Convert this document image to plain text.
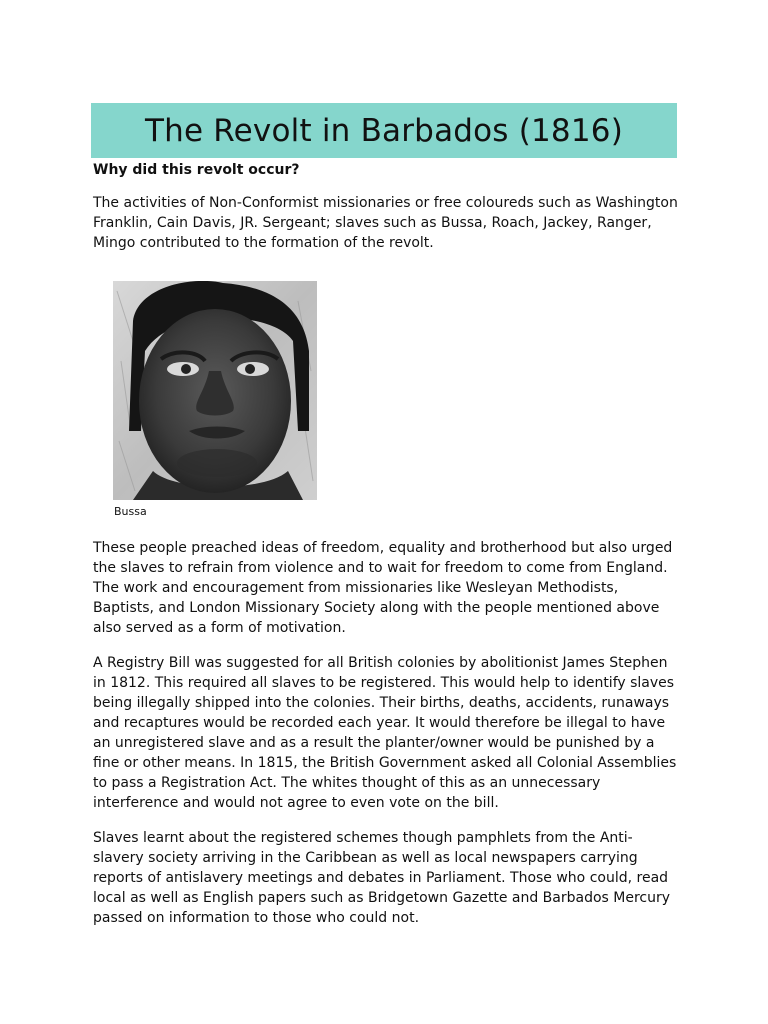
The Revolt in Barbados (1816)
Why did this revolt occur?

The activities of Non-Conformist missionaries or free coloureds such as Washington Franklin, Cain Davis, JR. Sergeant; slaves such as Bussa, Roach, Jackey, Ranger, Mingo contributed to the formation of the revolt.

Bussa

These people preached ideas of freedom, equality and brotherhood but also urged the slaves to refrain from violence and to wait for freedom to come from England. The work and encouragement from missionaries like Wesleyan Methodists, Baptists, and London Missionary Society along with the people mentioned above also served as a form of motivation.

A Registry Bill was suggested for all British colonies by abolitionist James Stephen in 1812. This required all slaves to be registered. This would help to identify slaves being illegally shipped into the colonies. Their births, deaths, accidents, runaways and recaptures would be recorded each year. It would therefore be illegal to have an unregistered slave and as a result the planter/owner would be punished by a fine or other means. In 1815, the British Government asked all Colonial Assemblies to pass a Registration Act. The whites thought of this as an unnecessary interference and would not agree to even vote on the bill.

Slaves learnt about the registered schemes though pamphlets from the Anti-slavery society arriving in the Caribbean as well as local newspapers carrying reports of antislavery meetings and debates in Parliament. Those who could, read local as well as English papers such as Bridgetown Gazette and Barbados Mercury passed on information to those who could not.
